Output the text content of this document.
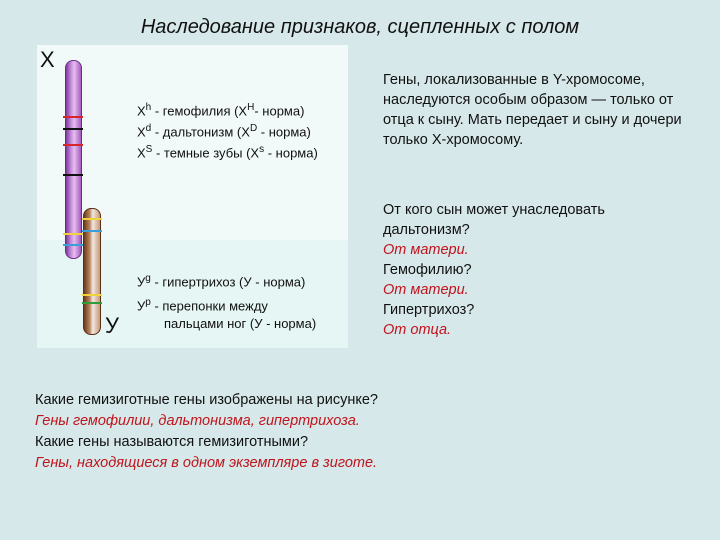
Наследование признаков, сцепленных с полом
Х
У
$Х^h$ - гемофилия ($Х^Н-$ норма)
$Х^d$ - дальтонизм ($Х^D$ - норма)
$Х^S$ - темные зубы ($Х^s$ - норма)
$У^g$ - гипертрихоз (У - норма)
$У^p$ - перепонки между
пальцами ног (У - норма)

Гены, локализованные в Y-хромосоме, наследуются особым образом — только от отца к сыну. Мать передает и сыну и дочери только Х-хромосому.

От кого сын может унаследовать дальтонизм?

От матери.

Гемофилию?

От матери.

Гипертрихоз?

От отца.

Какие гемизиготные гены изображены на рисунке?

Гены гемофилии, дальтонизма, гипертрихоза.

Какие гены называются гемизиготными?

Гены, находящиеся в одном экземпляре в зиготе.
